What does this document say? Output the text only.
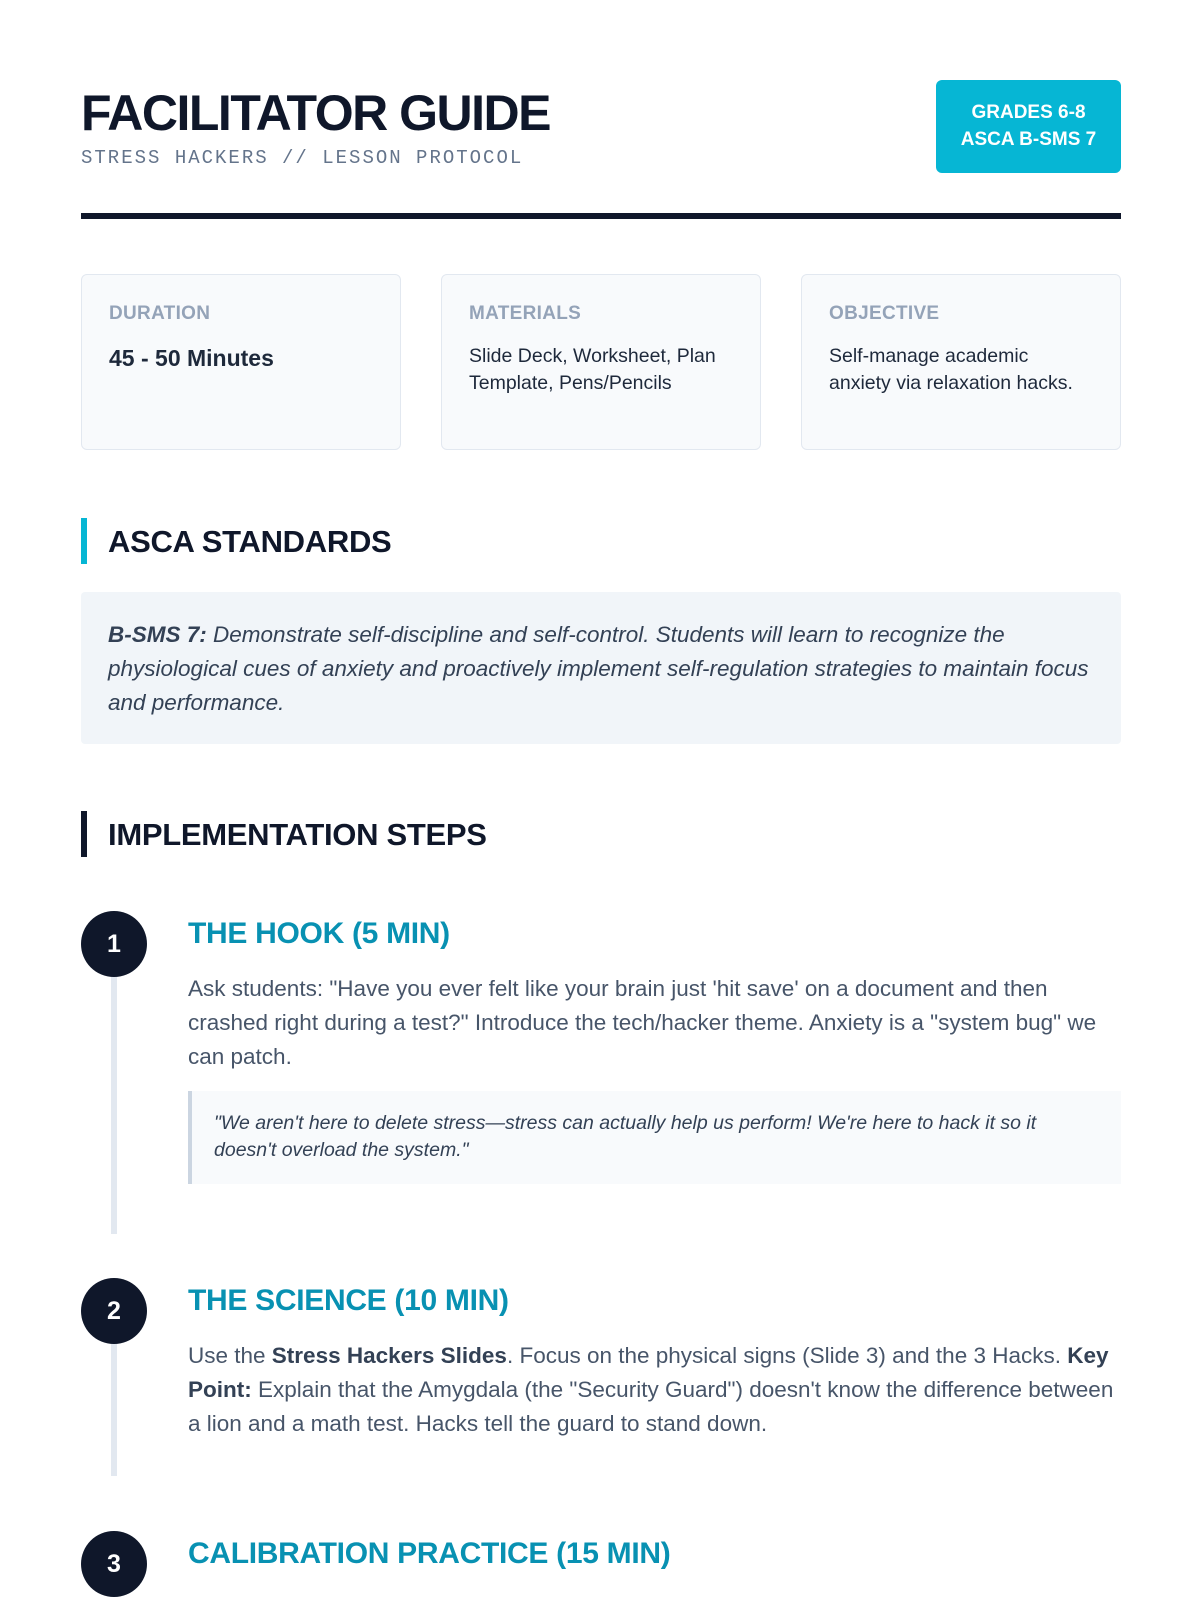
FACILITATOR GUIDE
STRESS HACKERS // LESSON PROTOCOL
GRADES 6-8
ASCA B-SMS 7
DURATION
45 - 50 Minutes
MATERIALS
Slide Deck, Worksheet, Plan Template, Pens/Pencils
OBJECTIVE
Self-manage academic anxiety via relaxation hacks.
ASCA STANDARDS
B-SMS 7: Demonstrate self-discipline and self-control. Students will learn to recognize the physiological cues of anxiety and proactively implement self-regulation strategies to maintain focus and performance.
IMPLEMENTATION STEPS
1	THE HOOK (5 MIN)
Ask students: "Have you ever felt like your brain just 'hit save' on a document and then crashed right during a test?" Introduce the tech/hacker theme. Anxiety is a "system bug" we can patch.
"We aren't here to delete stress—stress can actually help us perform! We're here to hack it so it doesn't overload the system."
2	THE SCIENCE (10 MIN)
Use the Stress Hackers Slides. Focus on the physical signs (Slide 3) and the 3 Hacks. Key Point: Explain that the Amygdala (the "Security Guard") doesn't know the difference between a lion and a math test. Hacks tell the guard to stand down.
3	CALIBRATION PRACTICE (15 MIN)
